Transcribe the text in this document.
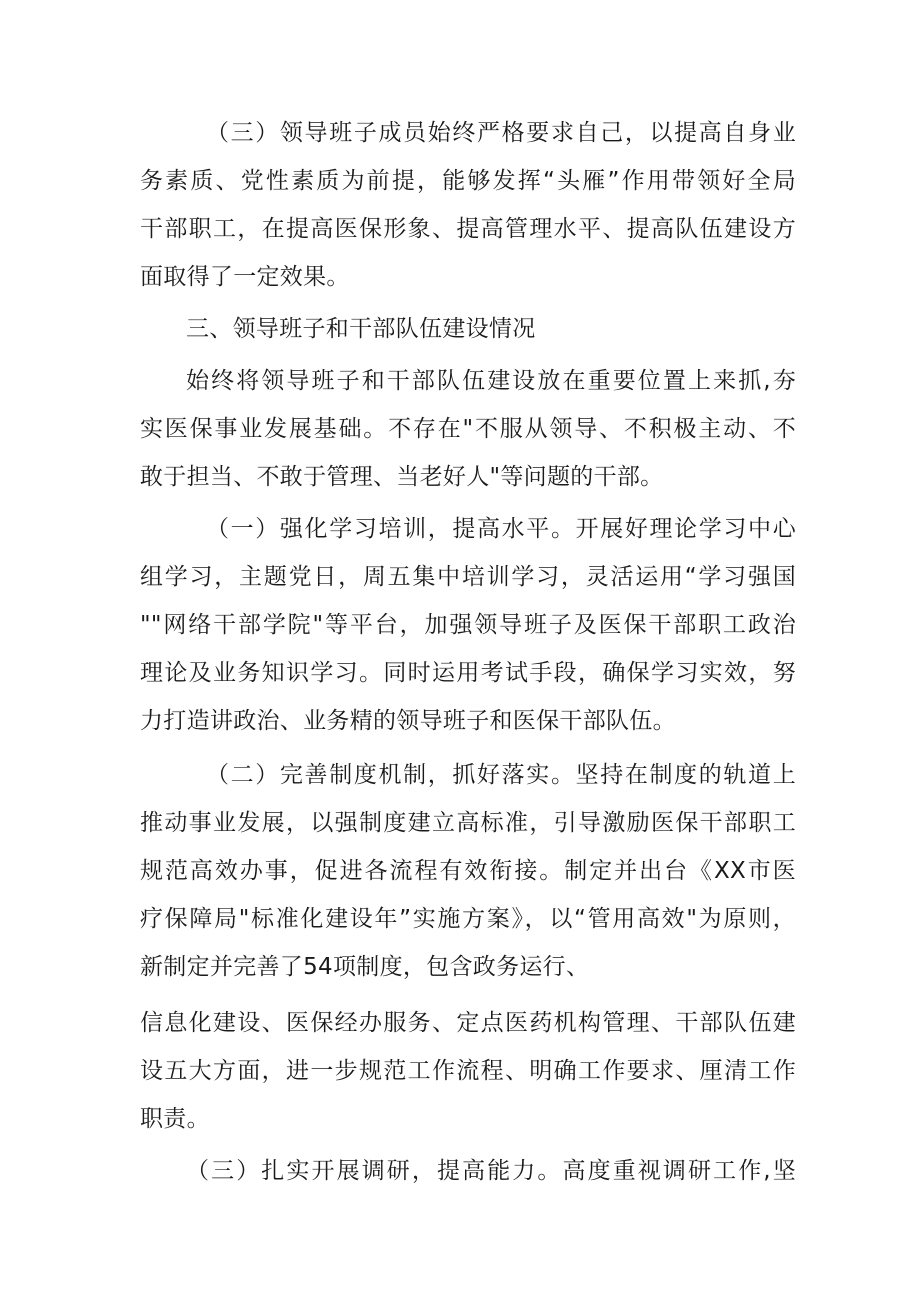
（三）领导班子成员始终严格要求自己，以提高自身业
务素质、党性素质为前提，能够发挥“头雁”作用带领好全局
干部职工，在提高医保形象、提高管理水平、提高队伍建设方
面取得了一定效果。
三、领导班子和干部队伍建设情况
始终将领导班子和干部队伍建设放在重要位置上来抓,夯
实医保事业发展基础。不存在"不服从领导、不积极主动、不
敢于担当、不敢于管理、当老好人"等问题的干部。
（一）强化学习培训，提高水平。开展好理论学习中心
组学习，主题党日，周五集中培训学习，灵活运用“学习强国
""网络干部学院"等平台，加强领导班子及医保干部职工政治
理论及业务知识学习。同时运用考试手段，确保学习实效，努
力打造讲政治、业务精的领导班子和医保干部队伍。
（二）完善制度机制，抓好落实。坚持在制度的轨道上
推动事业发展，以强制度建立高标准，引导激励医保干部职工
规范高效办事，促进各流程有效衔接。制定并出台《XX市医
疗保障局"标准化建设年”实施方案》，以“管用高效"为原则，
新制定并完善了54项制度，包含政务运行、
信息化建设、医保经办服务、定点医药机构管理、干部队伍建
设五大方面，进一步规范工作流程、明确工作要求、厘清工作
职责。
（三）扎实开展调研，提高能力。高度重视调研工作,坚
